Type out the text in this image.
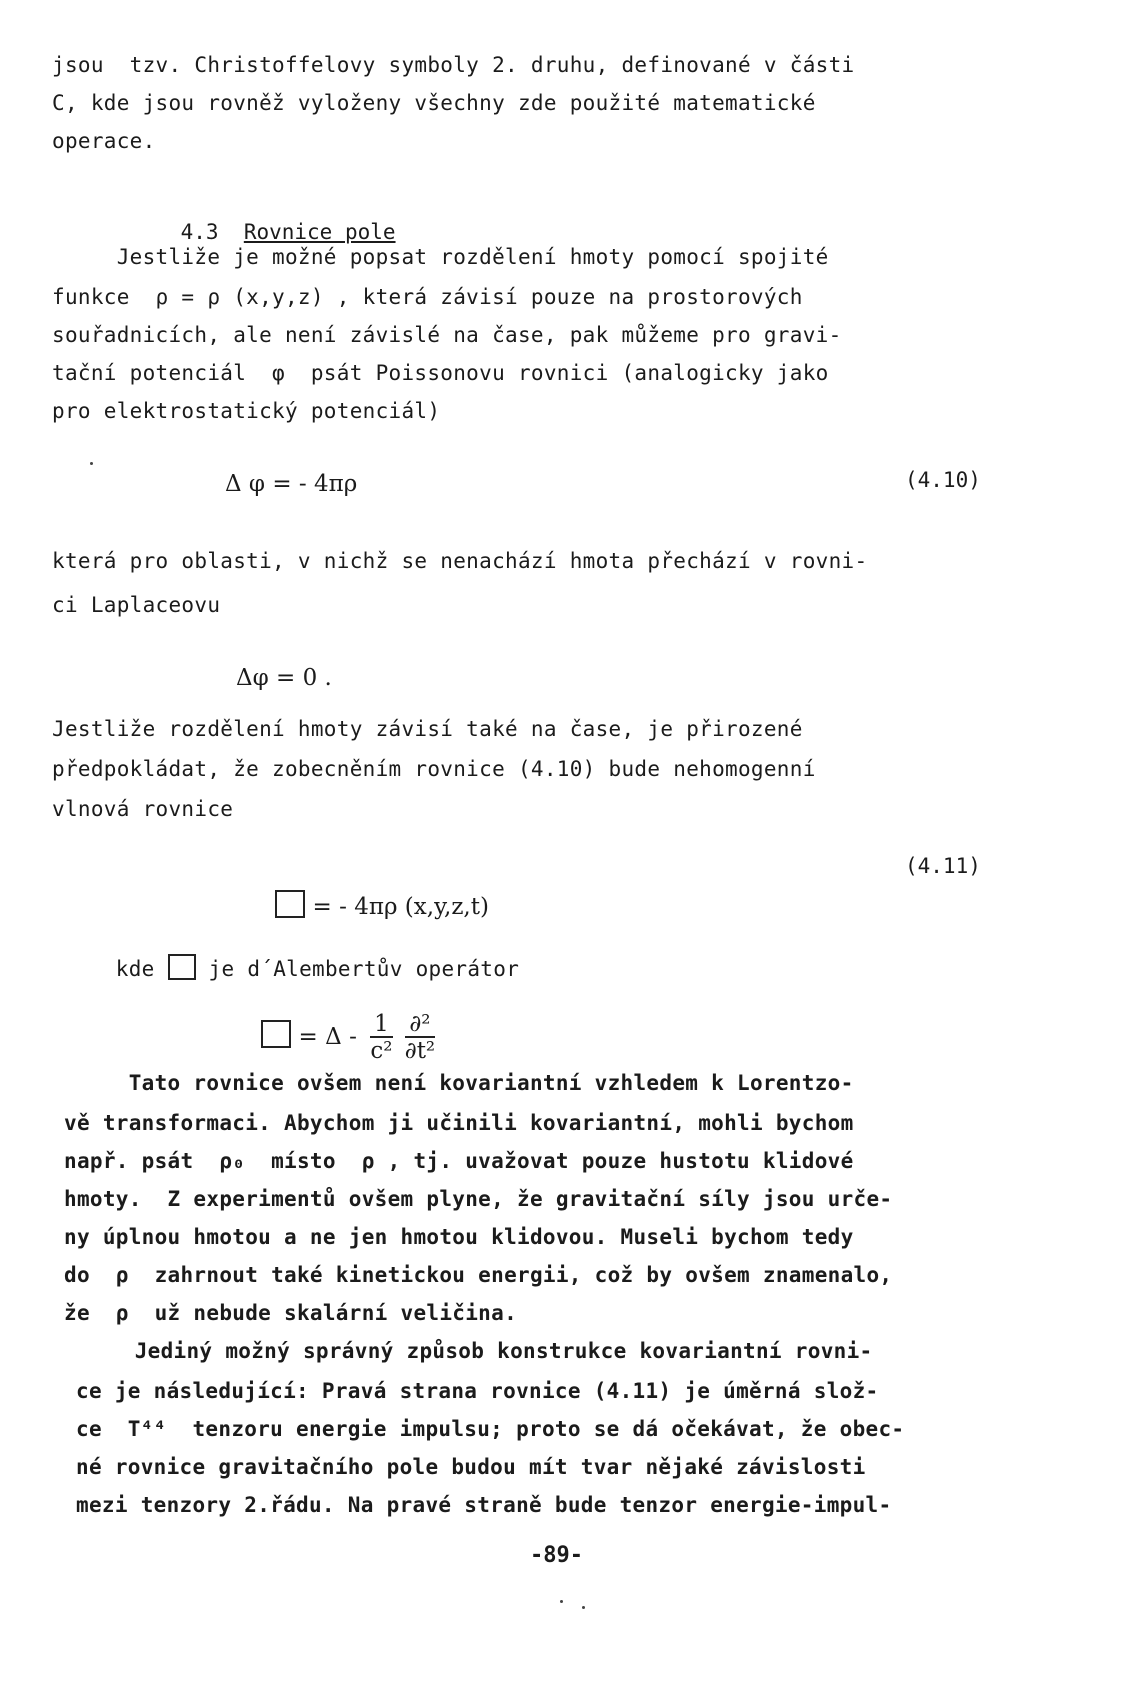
jsou  tzv. Christoffelovy symboly 2. druhu, definované v části
C, kde jsou rovněž vyloženy všechny zde použité matematické
operace.

4.3 Rovnice pole

Jestliže je možné popsat rozdělení hmoty pomocí spojité
funkce  ρ = ρ (x,y,z) , která závisí pouze na prostorových
souřadnicích, ale není závislé na čase, pak můžeme pro gravi-
tační potenciál  φ  psát Poissonovu rovnici (analogicky jako
pro elektrostatický potenciál)
Δ φ = - 4πρ	(4.10)
která pro oblasti, v nichž se nenachází hmota přechází v rovni-
ci Laplaceovu
Δφ = 0 .
Jestliže rozdělení hmoty závisí také na čase, je přirozené
předpokládat, že zobecněním rovnice (4.10) bude nehomogenní
vlnová rovnice

= - 4πρ (x,y,z,t)

(4.11)

kde  je d´Alembertův operátor

= Δ - $\frac{1}{\text{c²}} \frac{\text{∂²}}{\text{∂t²}}$

Tato rovnice ovšem není kovariantní vzhledem k Lorentzo-
vě transformaci. Abychom ji učinili kovariantní, mohli bychom
např. psát  ρ₀  místo  ρ , tj. uvažovat pouze hustotu klidové
hmoty.  Z experimentů ovšem plyne, že gravitační síly jsou urče-
ny úplnou hmotou a ne jen hmotou klidovou. Museli bychom tedy
do  ρ  zahrnout také kinetickou energii, což by ovšem znamenalo,
že  ρ  už nebude skalární veličina.
Jediný možný správný způsob konstrukce kovariantní rovni-
ce je následující: Pravá strana rovnice (4.11) je úměrná slož-
ce  T⁴⁴  tenzoru energie impulsu; proto se dá očekávat, že obec-
né rovnice gravitačního pole budou mít tvar nějaké závislosti
mezi tenzory 2.řádu. Na pravé straně bude tenzor energie-impul-
-89-
